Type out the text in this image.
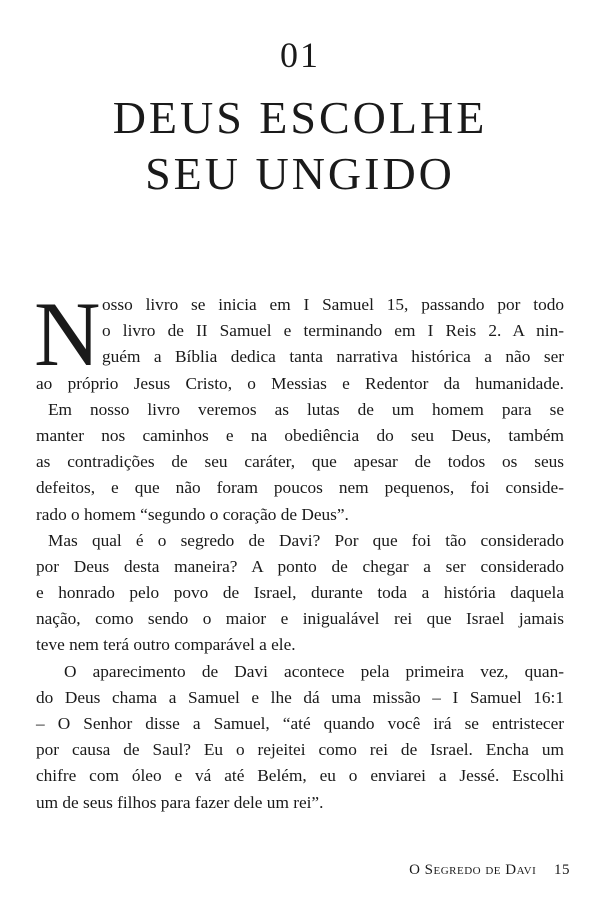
01
DEUS ESCOLHE
SEU UNGIDO
N osso livro se inicia em I Samuel 15, passando por todo
o livro de II Samuel e terminando em I Reis 2. A nin-
guém a Bíblia dedica tanta narrativa histórica a não ser
ao próprio Jesus Cristo, o Messias e Redentor da humanidade.
Em nosso livro veremos as lutas de um homem para se
manter nos caminhos e na obediência do seu Deus, também
as contradições de seu caráter, que apesar de todos os seus
defeitos, e que não foram poucos nem pequenos, foi conside-
rado o homem “segundo o coração de Deus”.
Mas qual é o segredo de Davi? Por que foi tão considerado
por Deus desta maneira? A ponto de chegar a ser considerado
e honrado pelo povo de Israel, durante toda a história daquela
nação, como sendo o maior e inigualável rei que Israel jamais
teve nem terá outro comparável a ele.
O aparecimento de Davi acontece pela primeira vez, quan-
do Deus chama a Samuel e lhe dá uma missão – I Samuel 16:1
– O Senhor disse a Samuel, “até quando você irá se entristecer
por causa de Saul? Eu o rejeitei como rei de Israel. Encha um
chifre com óleo e vá até Belém, eu o enviarei a Jessé. Escolhi
um de seus filhos para fazer dele um rei”.
O Segredo de Davi 15
